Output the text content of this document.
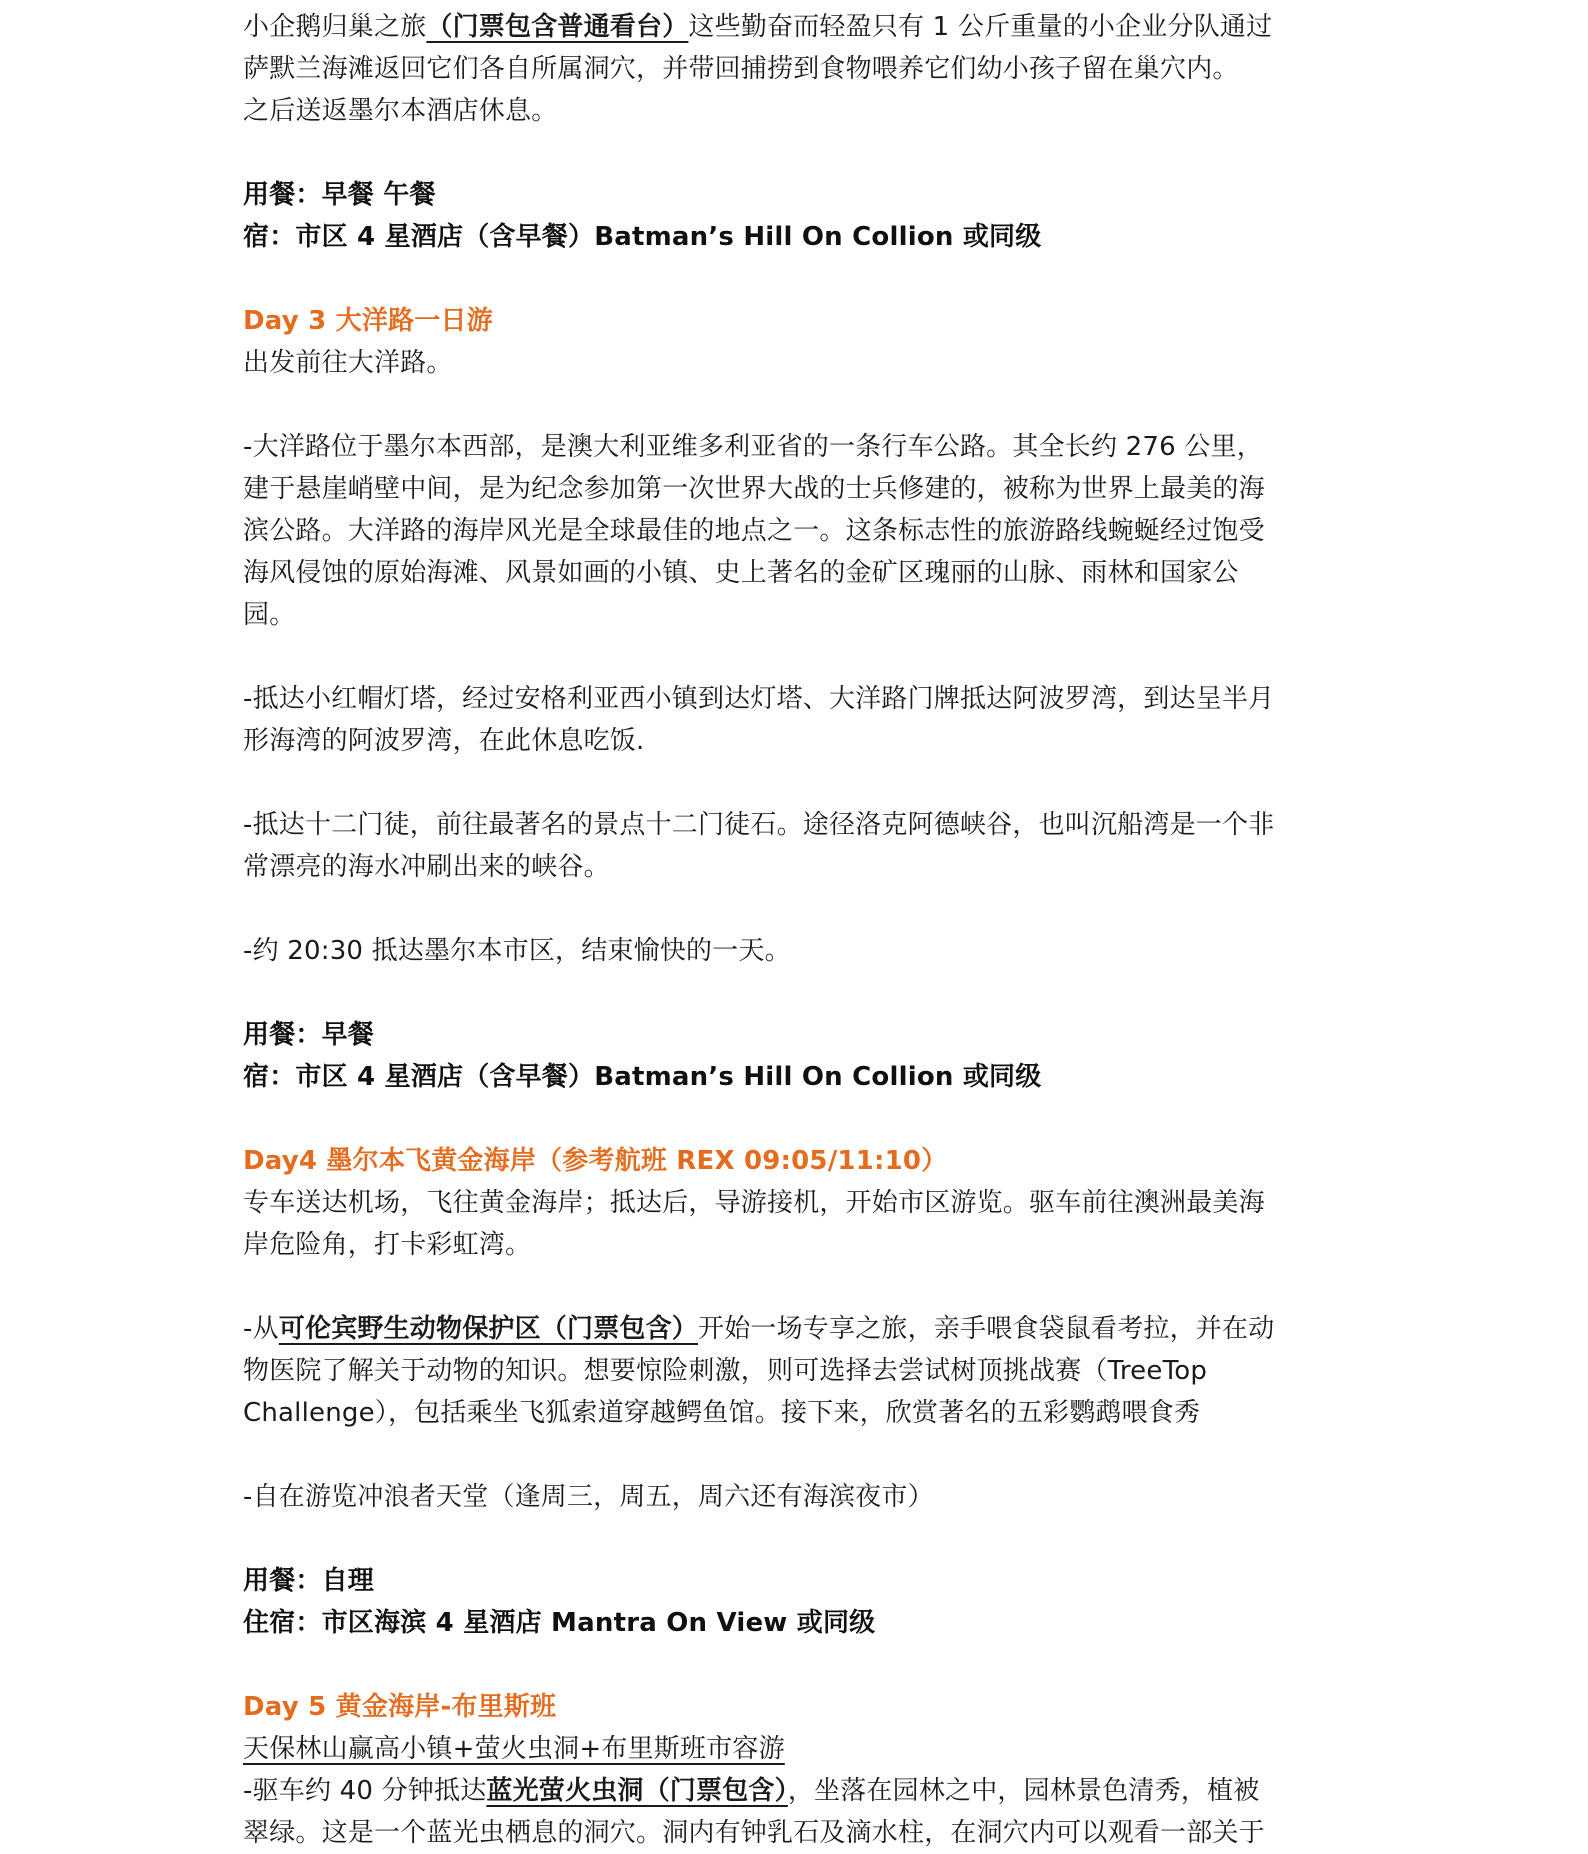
小企鹅归巢之旅（门票包含普通看台）这些勤奋而轻盈只有 1 公斤重量的小企业分队通过
萨默兰海滩返回它们各自所属洞穴，并带回捕捞到食物喂养它们幼小孩子留在巢穴内。
之后送返墨尔本酒店休息。
用餐：早餐 午餐
宿：市区 4 星酒店（含早餐）Batman’s Hill On Collion 或同级
Day 3 大洋路一日游
出发前往大洋路。
-大洋路位于墨尔本西部，是澳大利亚维多利亚省的一条行车公路。其全长约 276 公里，
建于悬崖峭壁中间，是为纪念参加第一次世界大战的士兵修建的，被称为世界上最美的海
滨公路。大洋路的海岸风光是全球最佳的地点之一。这条标志性的旅游路线蜿蜒经过饱受
海风侵蚀的原始海滩、风景如画的小镇、史上著名的金矿区瑰丽的山脉、雨林和国家公
园。
-抵达小红帽灯塔，经过安格利亚西小镇到达灯塔、大洋路门牌抵达阿波罗湾，到达呈半月
形海湾的阿波罗湾，在此休息吃饭.
-抵达十二门徒，前往最著名的景点十二门徒石。途径洛克阿德峡谷，也叫沉船湾是一个非
常漂亮的海水冲刷出来的峡谷。
-约 20:30 抵达墨尔本市区，结束愉快的一天。
用餐：早餐
宿：市区 4 星酒店（含早餐）Batman’s Hill On Collion 或同级
Day4 墨尔本飞黄金海岸（参考航班 REX 09:05/11:10）
专车送达机场，飞往黄金海岸；抵达后，导游接机，开始市区游览。驱车前往澳洲最美海
岸危险角，打卡彩虹湾。
-从可伦宾野生动物保护区（门票包含）开始一场专享之旅，亲手喂食袋鼠看考拉，并在动
物医院了解关于动物的知识。想要惊险刺激，则可选择去尝试树顶挑战赛（TreeTop
Challenge），包括乘坐飞狐索道穿越鳄鱼馆。接下来，欣赏著名的五彩鹦鹉喂食秀
-自在游览冲浪者天堂（逢周三，周五，周六还有海滨夜市）
用餐：自理
住宿：市区海滨 4 星酒店 Mantra On View 或同级
Day 5 黄金海岸-布里斯班
天保林山赢高小镇+萤火虫洞+布里斯班市容游
-驱车约 40 分钟抵达蓝光萤火虫洞（门票包含），坐落在园林之中，园林景色清秀，植被
翠绿。这是一个蓝光虫栖息的洞穴。洞内有钟乳石及滴水柱，在洞穴内可以观看一部关于
